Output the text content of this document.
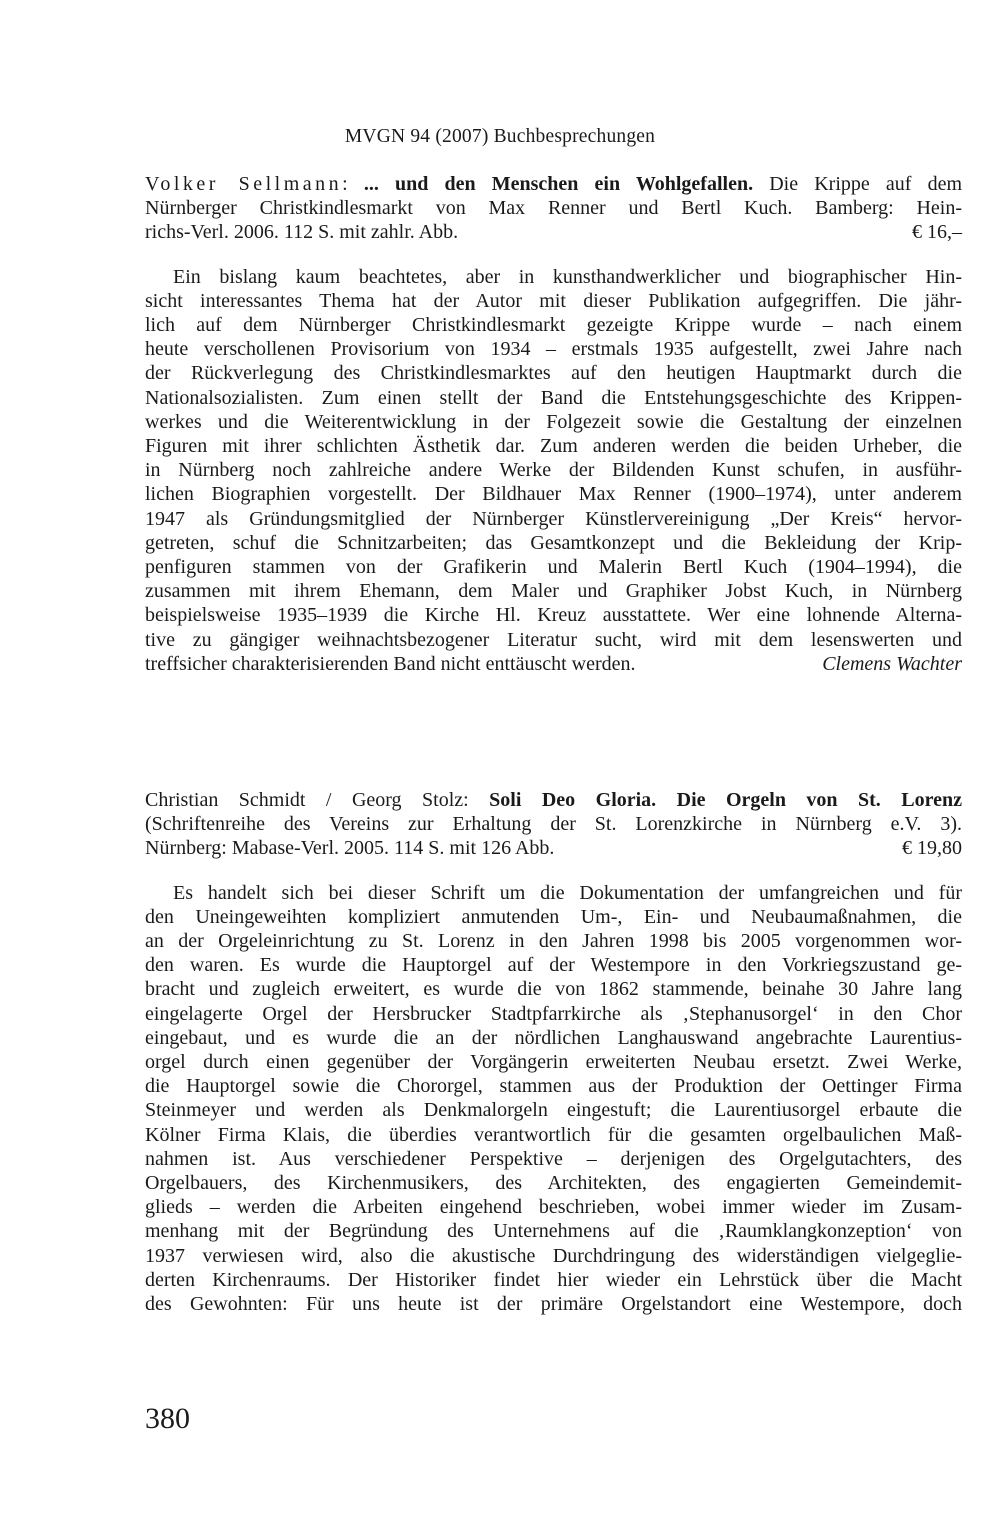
MVGN 94 (2007) Buchbesprechungen
Volker Sellmann: ... und den Menschen ein Wohlgefallen. Die Krippe auf dem
Nürnberger Christkindlesmarkt von Max Renner und Bertl Kuch. Bamberg: Hein-
richs-Verl. 2006. 112 S. mit zahlr. Abb.	€ 16,–
Ein bislang kaum beachtetes, aber in kunsthandwerklicher und biographischer Hin-
sicht interessantes Thema hat der Autor mit dieser Publikation aufgegriffen. Die jähr-
lich auf dem Nürnberger Christkindlesmarkt gezeigte Krippe wurde – nach einem
heute verschollenen Provisorium von 1934 – erstmals 1935 aufgestellt, zwei Jahre nach
der Rückverlegung des Christkindlesmarktes auf den heutigen Hauptmarkt durch die
Nationalsozialisten. Zum einen stellt der Band die Entstehungsgeschichte des Krippen-
werkes und die Weiterentwicklung in der Folgezeit sowie die Gestaltung der einzelnen
Figuren mit ihrer schlichten Ästhetik dar. Zum anderen werden die beiden Urheber, die
in Nürnberg noch zahlreiche andere Werke der Bildenden Kunst schufen, in ausführ-
lichen Biographien vorgestellt. Der Bildhauer Max Renner (1900–1974), unter anderem
1947 als Gründungsmitglied der Nürnberger Künstlervereinigung „Der Kreis“ hervor-
getreten, schuf die Schnitzarbeiten; das Gesamtkonzept und die Bekleidung der Krip-
penfiguren stammen von der Grafikerin und Malerin Bertl Kuch (1904–1994), die
zusammen mit ihrem Ehemann, dem Maler und Graphiker Jobst Kuch, in Nürnberg
beispielsweise 1935–1939 die Kirche Hl. Kreuz ausstattete. Wer eine lohnende Alterna-
tive zu gängiger weihnachtsbezogener Literatur sucht, wird mit dem lesenswerten und
treffsicher charakterisierenden Band nicht enttäuscht werden.	Clemens Wachter
Christian Schmidt / Georg Stolz: Soli Deo Gloria. Die Orgeln von St. Lorenz
(Schriftenreihe des Vereins zur Erhaltung der St. Lorenzkirche in Nürnberg e.V. 3).
Nürnberg: Mabase-Verl. 2005. 114 S. mit 126 Abb.	€ 19,80
Es handelt sich bei dieser Schrift um die Dokumentation der umfangreichen und für
den Uneingeweihten kompliziert anmutenden Um-, Ein- und Neubaumaßnahmen, die
an der Orgeleinrichtung zu St. Lorenz in den Jahren 1998 bis 2005 vorgenommen wor-
den waren. Es wurde die Hauptorgel auf der Westempore in den Vorkriegszustand ge-
bracht und zugleich erweitert, es wurde die von 1862 stammende, beinahe 30 Jahre lang
eingelagerte Orgel der Hersbrucker Stadtpfarrkirche als ‚Stephanusorgel‘ in den Chor
eingebaut, und es wurde die an der nördlichen Langhauswand angebrachte Laurentius-
orgel durch einen gegenüber der Vorgängerin erweiterten Neubau ersetzt. Zwei Werke,
die Hauptorgel sowie die Chororgel, stammen aus der Produktion der Oettinger Firma
Steinmeyer und werden als Denkmalorgeln eingestuft; die Laurentiusorgel erbaute die
Kölner Firma Klais, die überdies verantwortlich für die gesamten orgelbaulichen Maß-
nahmen ist. Aus verschiedener Perspektive – derjenigen des Orgelgutachters, des
Orgelbauers, des Kirchenmusikers, des Architekten, des engagierten Gemeindemit-
glieds – werden die Arbeiten eingehend beschrieben, wobei immer wieder im Zusam-
menhang mit der Begründung des Unternehmens auf die ‚Raumklangkonzeption‘ von
1937 verwiesen wird, also die akustische Durchdringung des widerständigen vielgeglie-
derten Kirchenraums. Der Historiker findet hier wieder ein Lehrstück über die Macht
des Gewohnten: Für uns heute ist der primäre Orgelstandort eine Westempore, doch
380
